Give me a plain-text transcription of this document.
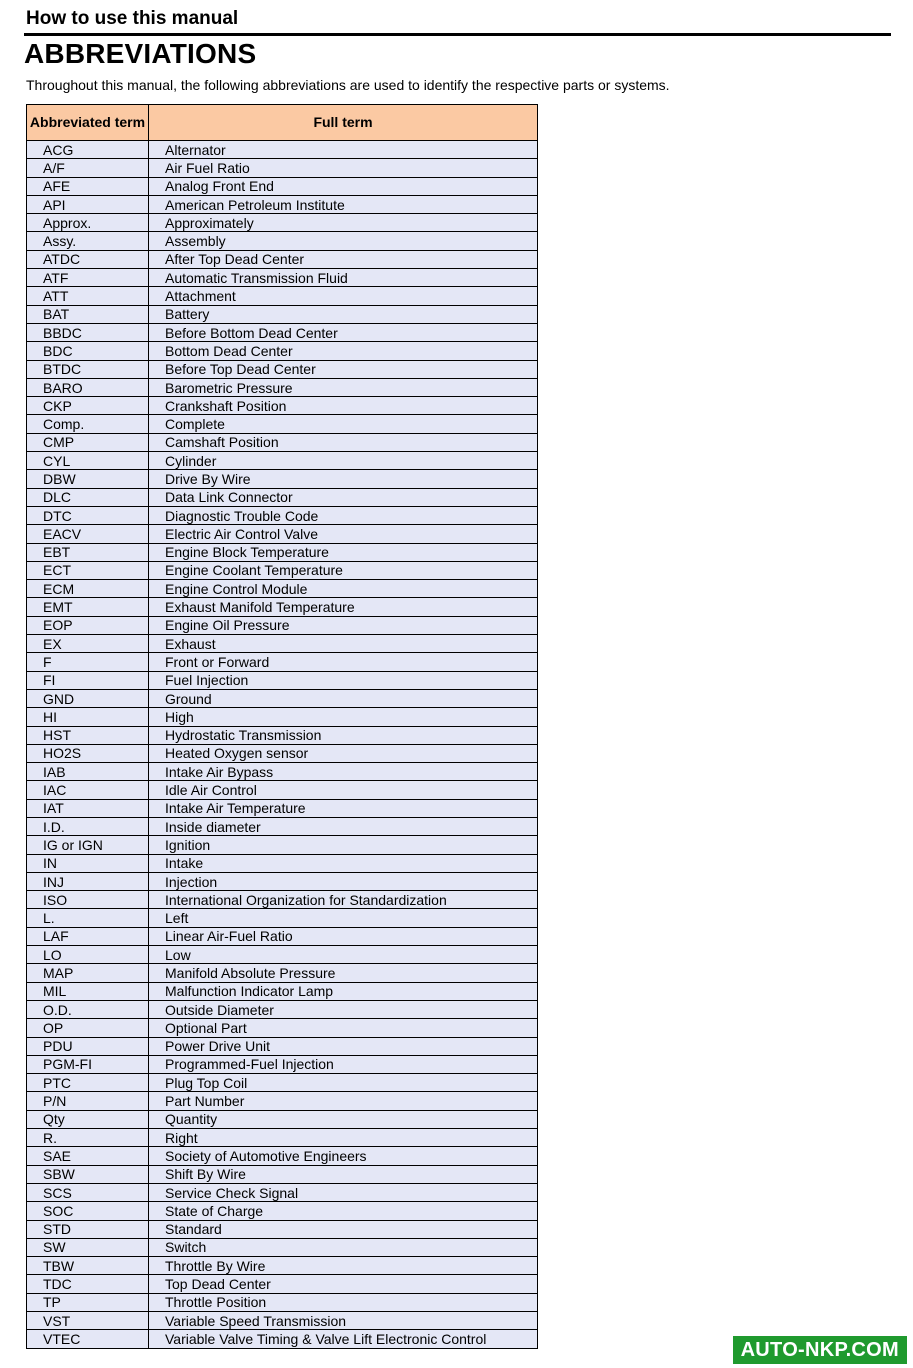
How to use this manual
ABBREVIATIONS
Throughout this manual, the following abbreviations are used to identify the respective parts or systems.
Abbreviated term	Full term
ACG	Alternator
A/F	Air Fuel Ratio
AFE	Analog Front End
API	American Petroleum Institute
Approx.	Approximately
Assy.	Assembly
ATDC	After Top Dead Center
ATF	Automatic Transmission Fluid
ATT	Attachment
BAT	Battery
BBDC	Before Bottom Dead Center
BDC	Bottom Dead Center
BTDC	Before Top Dead Center
BARO	Barometric Pressure
CKP	Crankshaft Position
Comp.	Complete
CMP	Camshaft Position
CYL	Cylinder
DBW	Drive By Wire
DLC	Data Link Connector
DTC	Diagnostic Trouble Code
EACV	Electric Air Control Valve
EBT	Engine Block Temperature
ECT	Engine Coolant Temperature
ECM	Engine Control Module
EMT	Exhaust Manifold Temperature
EOP	Engine Oil Pressure
EX	Exhaust
F	Front or Forward
FI	Fuel Injection
GND	Ground
HI	High
HST	Hydrostatic Transmission
HO2S	Heated Oxygen sensor
IAB	Intake Air Bypass
IAC	Idle Air Control
IAT	Intake Air Temperature
I.D.	Inside diameter
IG or IGN	Ignition
IN	Intake
INJ	Injection
ISO	International Organization for Standardization
L.	Left
LAF	Linear Air-Fuel Ratio
LO	Low
MAP	Manifold Absolute Pressure
MIL	Malfunction Indicator Lamp
O.D.	Outside Diameter
OP	Optional Part
PDU	Power Drive Unit
PGM-FI	Programmed-Fuel Injection
PTC	Plug Top Coil
P/N	Part Number
Qty	Quantity
R.	Right
SAE	Society of Automotive Engineers
SBW	Shift By Wire
SCS	Service Check Signal
SOC	State of Charge
STD	Standard
SW	Switch
TBW	Throttle By Wire
TDC	Top Dead Center
TP	Throttle Position
VST	Variable Speed Transmission
VTEC	Variable Valve Timing & Valve Lift Electronic Control
AUTO-NKP.COM
